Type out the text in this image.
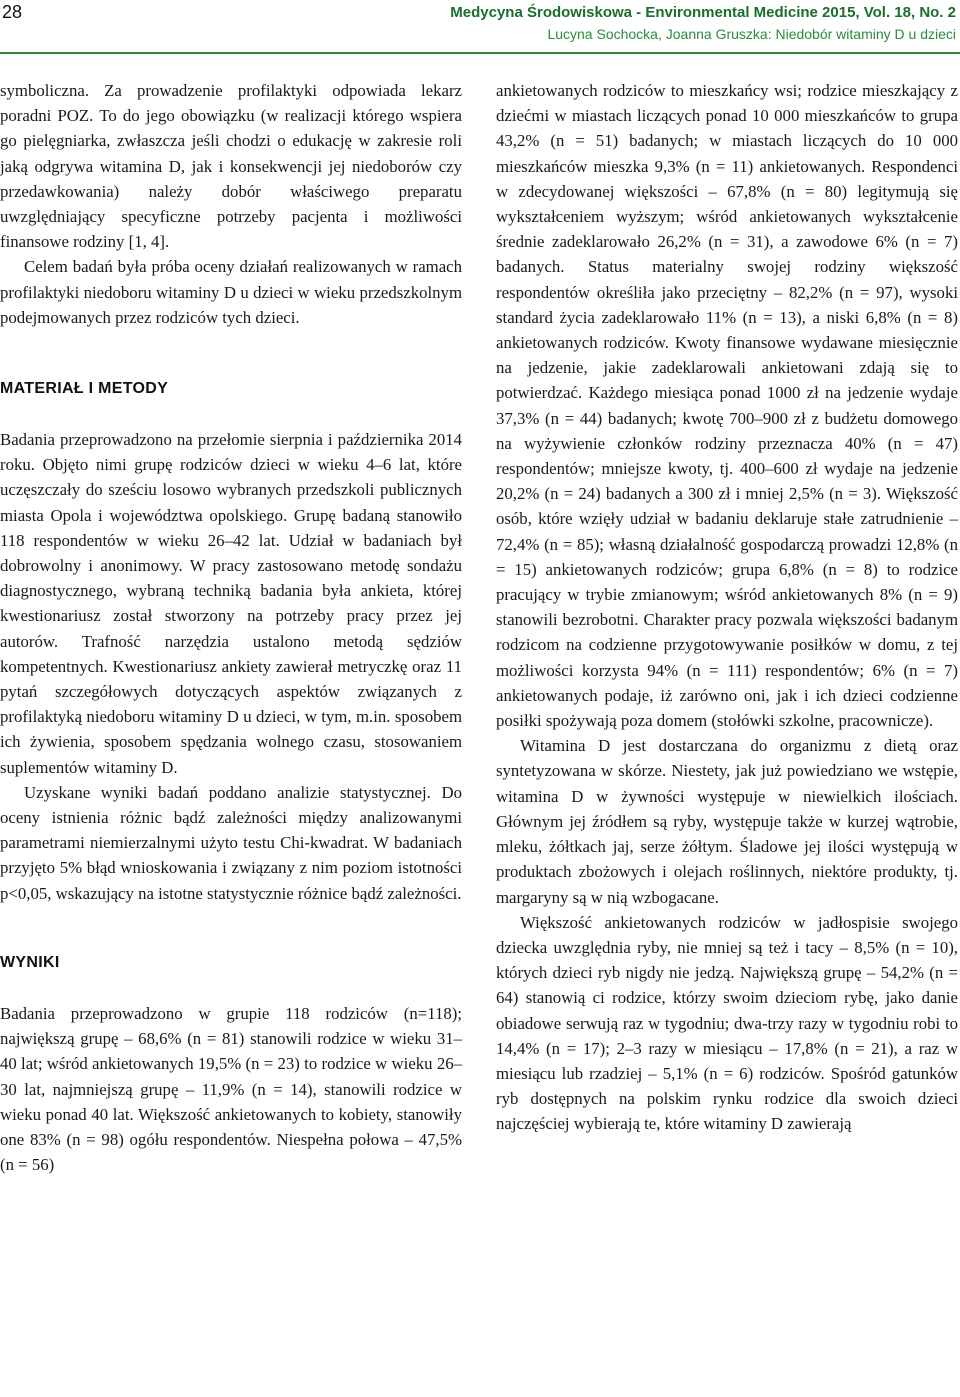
28	Medycyna Środowiskowa - Environmental Medicine 2015, Vol. 18, No. 2
Lucyna Sochocka, Joanna Gruszka: Niedobór witaminy D u dzieci

symboliczna. Za prowadzenie profilaktyki odpowiada lekarz poradni POZ. To do jego obowiązku (w realizacji którego wspiera go pielęgniarka, zwłaszcza jeśli chodzi o edukację w zakresie roli jaką odgrywa witamina D, jak i konsekwencji jej niedoborów czy przedawkowania) należy dobór właściwego preparatu uwzględniający specyficzne potrzeby pacjenta i możliwości finansowe rodziny [1, 4].

Celem badań była próba oceny działań realizowanych w ramach profilaktyki niedoboru witaminy D u dzieci w wieku przedszkolnym podejmowanych przez rodziców tych dzieci.

MATERIAŁ I METODY

Badania przeprowadzono na przełomie sierpnia i października 2014 roku. Objęto nimi grupę rodziców dzieci w wieku 4–6 lat, które uczęszczały do sześciu losowo wybranych przedszkoli publicznych miasta Opola i województwa opolskiego. Grupę badaną stanowiło 118 respondentów w wieku 26–42 lat. Udział w badaniach był dobrowolny i anonimowy. W pracy zastosowano metodę sondażu diagnostycznego, wybraną techniką badania była ankieta, której kwestionariusz został stworzony na potrzeby pracy przez jej autorów. Trafność narzędzia ustalono metodą sędziów kompetentnych. Kwestionariusz ankiety zawierał metryczkę oraz 11 pytań szczegółowych dotyczących aspektów związanych z profilaktyką niedoboru witaminy D u dzieci, w tym, m.in. sposobem ich żywienia, sposobem spędzania wolnego czasu, stosowaniem suplementów witaminy D.

Uzyskane wyniki badań poddano analizie statystycznej. Do oceny istnienia różnic bądź zależności między analizowanymi parametrami niemierzalnymi użyto testu Chi-kwadrat. W badaniach przyjęto 5% błąd wnioskowania i związany z nim poziom istotności p<0,05, wskazujący na istotne statystycznie różnice bądź zależności.

WYNIKI

Badania przeprowadzono w grupie 118 rodziców (n=118); największą grupę – 68,6% (n = 81) stanowili rodzice w wieku 31–40 lat; wśród ankietowanych 19,5% (n = 23) to rodzice w wieku 26–30 lat, najmniejszą grupę – 11,9% (n = 14), stanowili rodzice w wieku ponad 40 lat. Większość ankietowanych to kobiety, stanowiły one 83% (n = 98) ogółu respondentów. Niespełna połowa – 47,5% (n = 56)

ankietowanych rodziców to mieszkańcy wsi; rodzice mieszkający z dziećmi w miastach liczących ponad 10 000 mieszkańców to grupa 43,2% (n = 51) badanych; w miastach liczących do 10 000 mieszkańców mieszka 9,3% (n = 11) ankietowanych. Respondenci w zdecydowanej większości – 67,8% (n = 80) legitymują się wykształceniem wyższym; wśród ankietowanych wykształcenie średnie zadeklarowało 26,2% (n = 31), a zawodowe 6% (n = 7) badanych. Status materialny swojej rodziny większość respondentów określiła jako przeciętny – 82,2% (n = 97), wysoki standard życia zadeklarowało 11% (n = 13), a niski 6,8% (n = 8) ankietowanych rodziców. Kwoty finansowe wydawane miesięcznie na jedzenie, jakie zadeklarowali ankietowani zdają się to potwierdzać. Każdego miesiąca ponad 1000 zł na jedzenie wydaje 37,3% (n = 44) badanych; kwotę 700–900 zł z budżetu domowego na wyżywienie członków rodziny przeznacza 40% (n = 47) respondentów; mniejsze kwoty, tj. 400–600 zł wydaje na jedzenie 20,2% (n = 24) badanych a 300 zł i mniej 2,5% (n = 3). Większość osób, które wzięły udział w badaniu deklaruje stałe zatrudnienie – 72,4% (n = 85); własną działalność gospodarczą prowadzi 12,8% (n = 15) ankietowanych rodziców; grupa 6,8% (n = 8) to rodzice pracujący w trybie zmianowym; wśród ankietowanych 8% (n = 9) stanowili bezrobotni. Charakter pracy pozwala większości badanym rodzicom na codzienne przygotowywanie posiłków w domu, z tej możliwości korzysta 94% (n = 111) respondentów; 6% (n = 7) ankietowanych podaje, iż zarówno oni, jak i ich dzieci codzienne posiłki spożywają poza domem (stołówki szkolne, pracownicze).

Witamina D jest dostarczana do organizmu z dietą oraz syntetyzowana w skórze. Niestety, jak już powiedziano we wstępie, witamina D w żywności występuje w niewielkich ilościach. Głównym jej źródłem są ryby, występuje także w kurzej wątrobie, mleku, żółtkach jaj, serze żółtym. Śladowe jej ilości występują w produktach zbożowych i olejach roślinnych, niektóre produkty, tj. margaryny są w nią wzbogacane.

Większość ankietowanych rodziców w jadłospisie swojego dziecka uwzględnia ryby, nie mniej są też i tacy – 8,5% (n = 10), których dzieci ryb nigdy nie jedzą. Największą grupę – 54,2% (n = 64) stanowią ci rodzice, którzy swoim dzieciom rybę, jako danie obiadowe serwują raz w tygodniu; dwa-trzy razy w tygodniu robi to 14,4% (n = 17); 2–3 razy w miesiącu – 17,8% (n = 21), a raz w miesiącu lub rzadziej – 5,1% (n = 6) rodziców. Spośród gatunków ryb dostępnych na polskim rynku rodzice dla swoich dzieci najczęściej wybierają te, które witaminy D zawierają
